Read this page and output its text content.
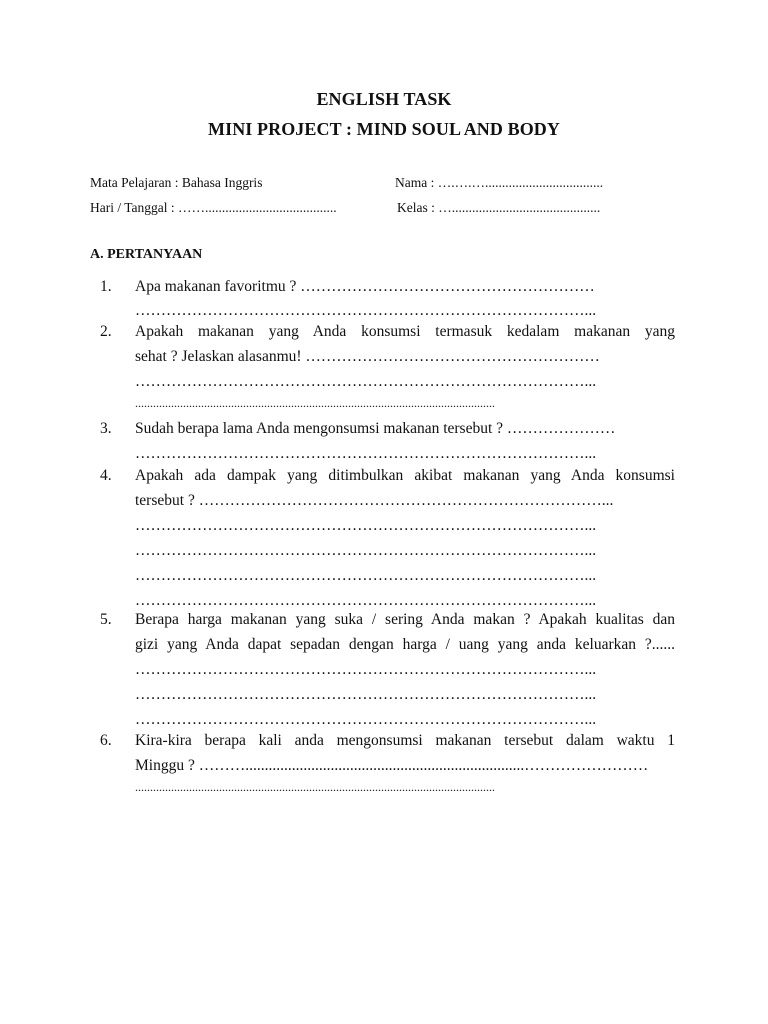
ENGLISH TASK
MINI PROJECT : MIND SOUL AND BODY
Mata Pelajaran : Bahasa Inggris
Hari / Tanggal : …….......................................
Nama : ….….…...................................
Kelas : …............................................
A. PERTANYAAN
1. Apa makanan favoritmu ? …………………………………………………
……………………………………………………………………………...
2. Apakah makanan yang Anda konsumsi termasuk kedalam makanan yang
sehat ? Jelaskan alasanmu! …………………………………………………
……………………………………………………………………………...
........................................................................................................................
3. Sudah berapa lama Anda mengonsumsi makanan tersebut ? …………………
……………………………………………………………………………...
4. Apakah ada dampak yang ditimbulkan akibat makanan yang Anda konsumsi
tersebut ? ……………………………………………………………………...
……………………………………………………………………………...
……………………………………………………………………………...
……………………………………………………………………………...
……………………………………………………………………………...
5. Berapa harga makanan yang suka / sering Anda makan ? Apakah kualitas dan
gizi yang Anda dapat sepadan dengan harga / uang yang anda keluarkan ?......
……………………………………………………………………………...
……………………………………………………………………………...
……………………………………………………………………………...
6. Kira-kira berapa kali anda mengonsumsi makanan tersebut dalam waktu 1
Minggu ? ………........................................................................……………………
........................................................................................................................
